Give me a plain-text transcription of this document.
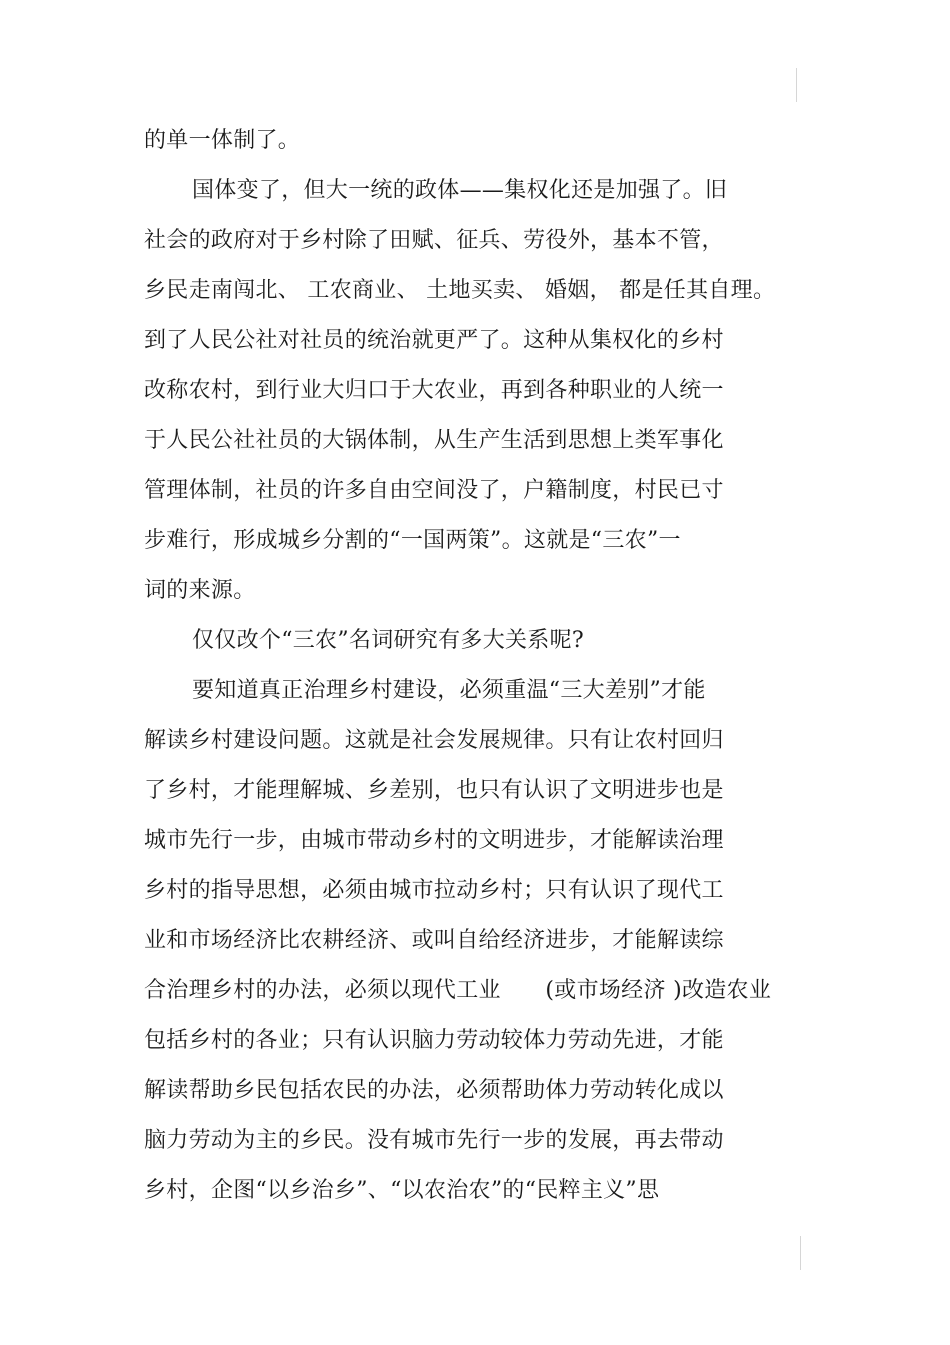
的单一体制了。
国体变了，但大一统的政体——集权化还是加强了。旧
社会的政府对于乡村除了田赋、征兵、劳役外，基本不管，
乡民走南闯北、 工农商业、 土地买卖、 婚姻， 都是任其自理。
到了人民公社对社员的统治就更严了。这种从集权化的乡村
改称农村，到行业大归口于大农业，再到各种职业的人统一
于人民公社社员的大锅体制，从生产生活到思想上类军事化
管理体制，社员的许多自由空间没了，户籍制度，村民已寸
步难行，形成城乡分割的“一国两策”。这就是“三农”一
词的来源。
仅仅改个“三农”名词研究有多大关系呢?
要知道真正治理乡村建设，必须重温“三大差别”才能
解读乡村建设问题。这就是社会发展规律。只有让农村回归
了乡村，才能理解城、乡差别，也只有认识了文明进步也是
城市先行一步，由城市带动乡村的文明进步，才能解读治理
乡村的指导思想，必须由城市拉动乡村；只有认识了现代工
业和市场经济比农耕经济、或叫自给经济进步，才能解读综
合治理乡村的办法，必须以现代工业　　(或市场经济 )改造农业
包括乡村的各业；只有认识脑力劳动较体力劳动先进，才能
解读帮助乡民包括农民的办法，必须帮助体力劳动转化成以
脑力劳动为主的乡民。没有城市先行一步的发展，再去带动
乡村，企图“以乡治乡”、“以农治农”的“民粹主义”思
